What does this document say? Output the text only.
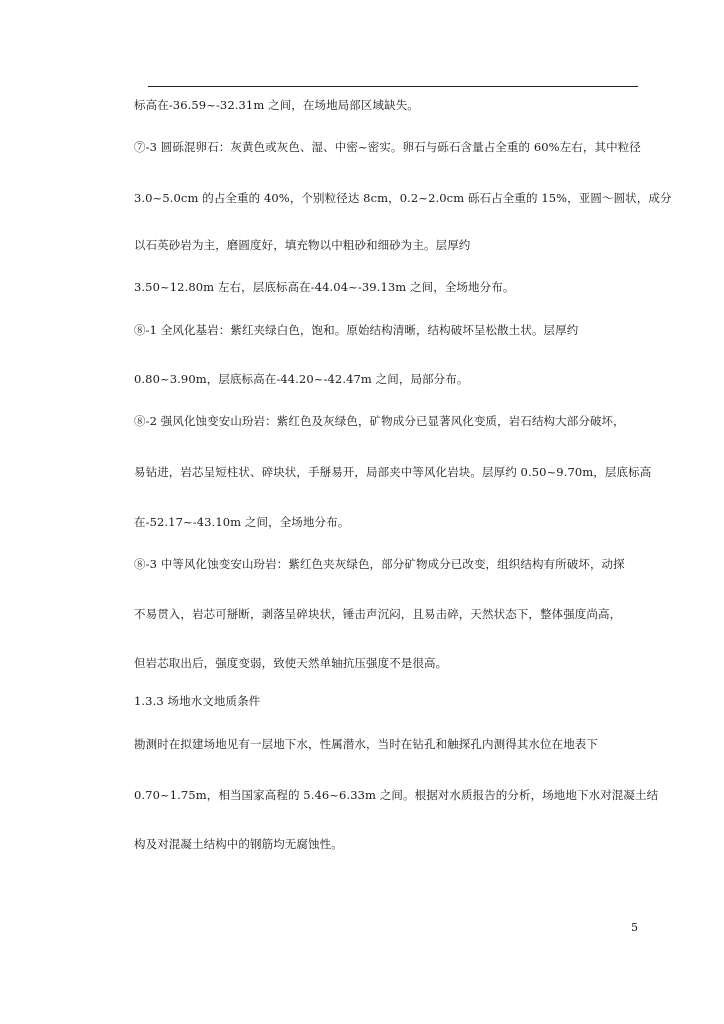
标高在-36.59~-32.31m 之间，在场地局部区域缺失。
⑦-3 圆砾混卵石：灰黄色或灰色、湿、中密~密实。卵石与砾石含量占全重的 60%左右，其中粒径
3.0~5.0cm 的占全重的 40%，个别粒径达 8cm，0.2~2.0cm 砾石占全重的 15%，亚圆～圆状，成分
以石英砂岩为主，磨圆度好，填充物以中粗砂和细砂为主。层厚约
3.50~12.80m 左右，层底标高在-44.04~-39.13m 之间，全场地分布。
⑧-1 全风化基岩：紫红夹绿白色，饱和。原始结构清晰，结构破坏呈松散土状。层厚约
0.80~3.90m，层底标高在-44.20~-42.47m 之间，局部分布。
⑧-2 强风化蚀变安山玢岩：紫红色及灰绿色，矿物成分已显著风化变质，岩石结构大部分破坏，
易钻进，岩芯呈短柱状、碎块状，手掰易开，局部夹中等风化岩块。层厚约 0.50~9.70m，层底标高
在-52.17~-43.10m 之间，全场地分布。
⑧-3 中等风化蚀变安山玢岩：紫红色夹灰绿色，部分矿物成分已改变，组织结构有所破坏，动探
不易贯入，岩芯可掰断，剥落呈碎块状，锤击声沉闷，且易击碎，天然状态下，整体强度尚高，
但岩芯取出后，强度变弱，致使天然单轴抗压强度不是很高。
1.3.3 场地水文地质条件
勘测时在拟建场地见有一层地下水，性属潜水，当时在钻孔和触探孔内测得其水位在地表下
0.70~1.75m，相当国家高程的 5.46~6.33m 之间。根据对水质报告的分析，场地地下水对混凝土结
构及对混凝土结构中的钢筋均无腐蚀性。
5
